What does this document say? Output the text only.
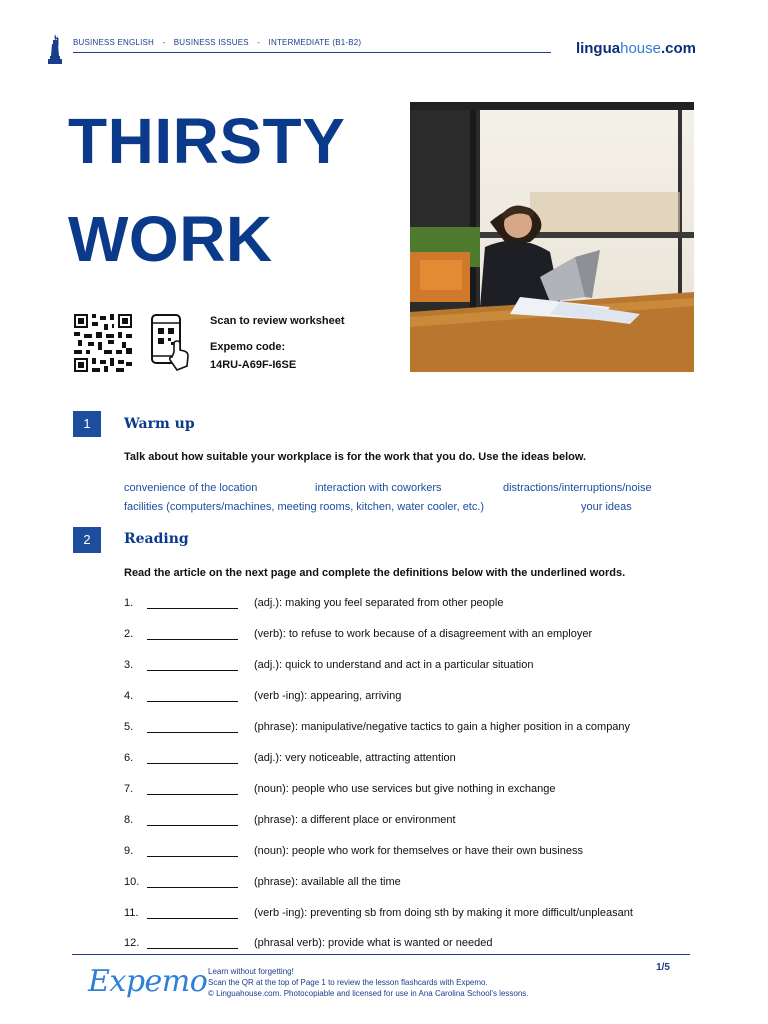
BUSINESS ENGLISH - BUSINESS ISSUES - INTERMEDIATE (B1-B2)	linguahouse.com
THIRSTY
WORK
Scan to review worksheet
Expemo code:
14RU-A69F-I6SE
1	Warm up
Talk about how suitable your workplace is for the work that you do. Use the ideas below.
convenience of the location	interaction with coworkers	distractions/interruptions/noise
facilities (computers/machines, meeting rooms, kitchen, water cooler, etc.)	your ideas
2	Reading
Read the article on the next page and complete the definitions below with the underlined words.
1.	(adj.): making you feel separated from other people
2.	(verb): to refuse to work because of a disagreement with an employer
3.	(adj.): quick to understand and act in a particular situation
4.	(verb -ing): appearing, arriving
5.	(phrase): manipulative/negative tactics to gain a higher position in a company
6.	(adj.): very noticeable, attracting attention
7.	(noun): people who use services but give nothing in exchange
8.	(phrase): a different place or environment
9.	(noun): people who work for themselves or have their own business
10.	(phrase): available all the time
11.	(verb -ing): preventing sb from doing sth by making it more difficult/unpleasant
12.	(phrasal verb): provide what is wanted or needed
Expemo Learn without forgetting!
Scan the QR at the top of Page 1 to review the lesson flashcards with Expemo.
© Linguahouse.com. Photocopiable and licensed for use in Ana Carolina School's lessons.
1/5
